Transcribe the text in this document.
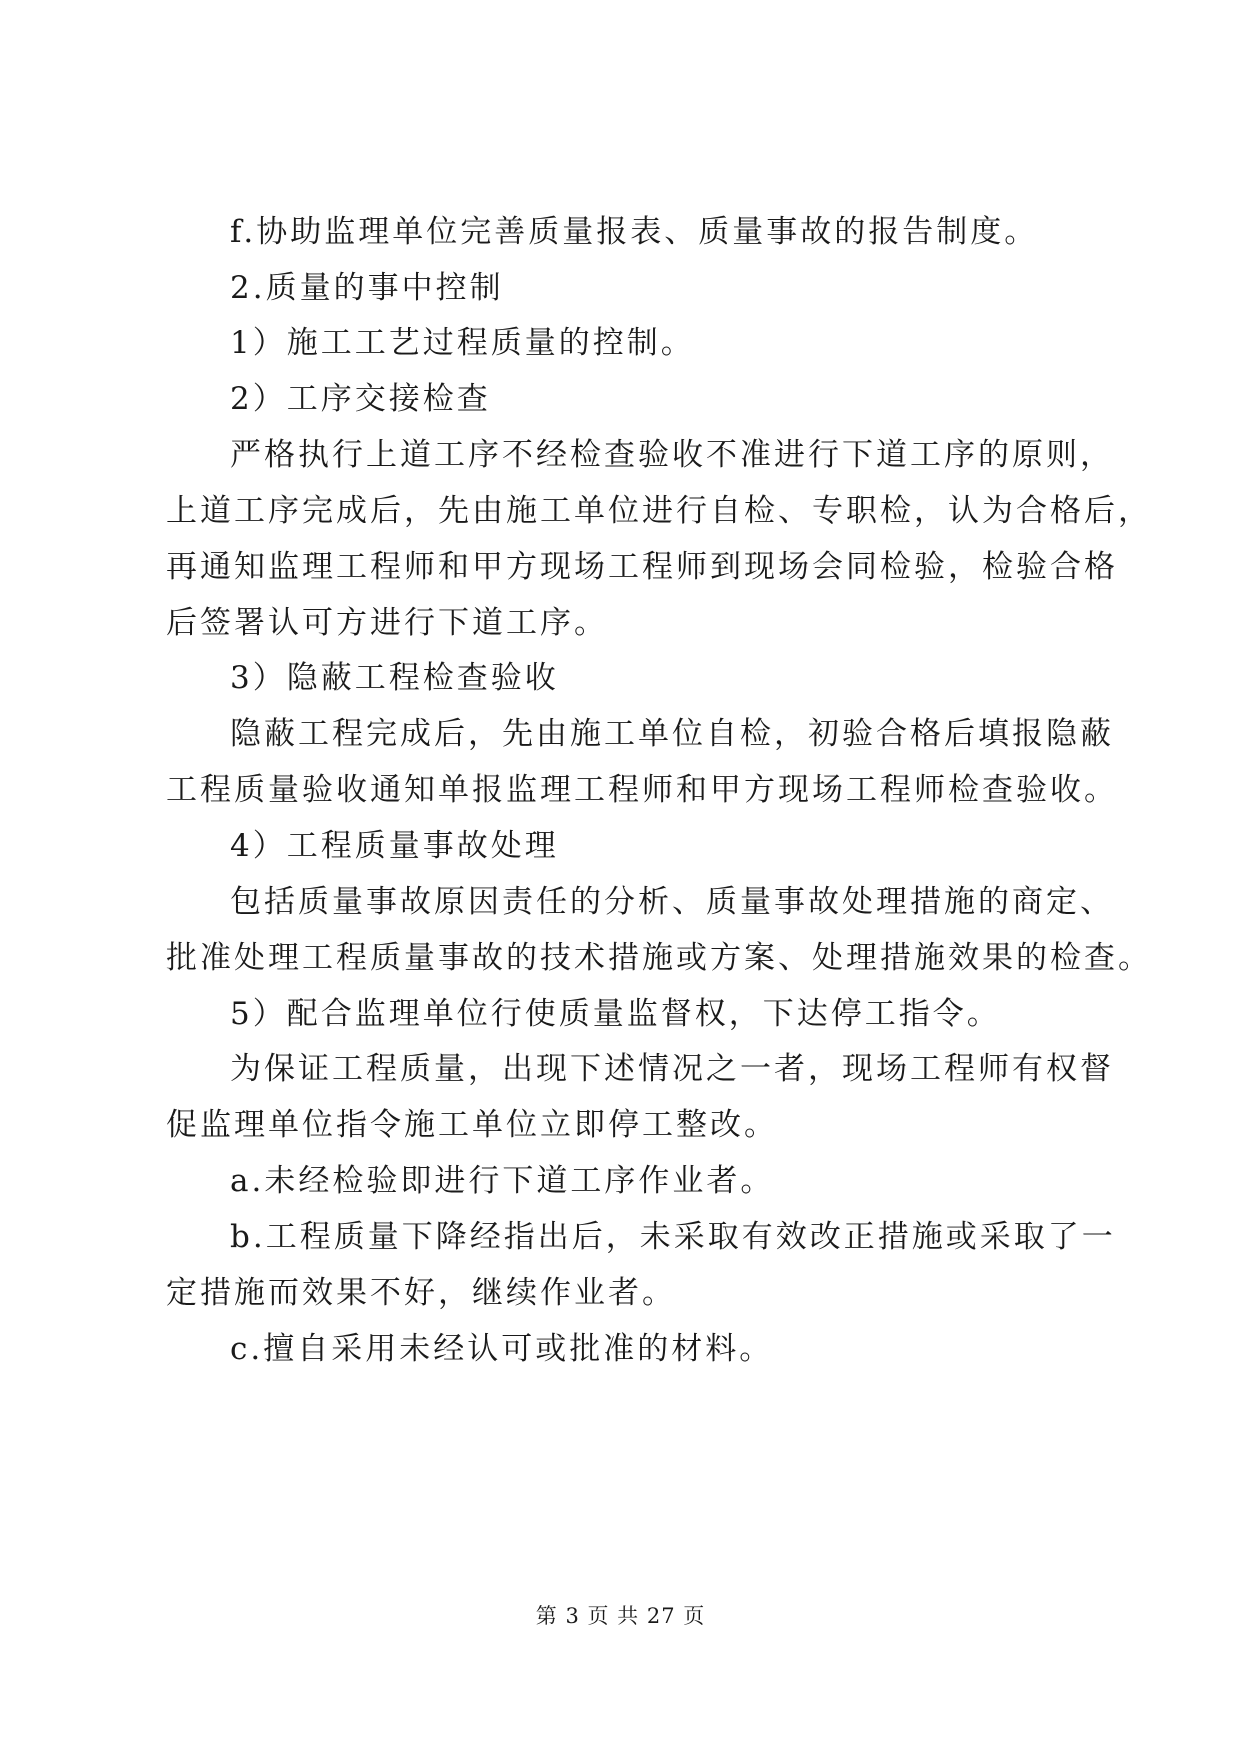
f.协助监理单位完善质量报表、质量事故的报告制度。
2.质量的事中控制
1）施工工艺过程质量的控制。
2）工序交接检查
严格执行上道工序不经检查验收不准进行下道工序的原则，
上道工序完成后，先由施工单位进行自检、专职检，认为合格后，
再通知监理工程师和甲方现场工程师到现场会同检验，检验合格
后签署认可方进行下道工序。
3）隐蔽工程检查验收
隐蔽工程完成后，先由施工单位自检，初验合格后填报隐蔽
工程质量验收通知单报监理工程师和甲方现场工程师检查验收。
4）工程质量事故处理
包括质量事故原因责任的分析、质量事故处理措施的商定、
批准处理工程质量事故的技术措施或方案、处理措施效果的检查。
5）配合监理单位行使质量监督权，下达停工指令。
为保证工程质量，出现下述情况之一者，现场工程师有权督
促监理单位指令施工单位立即停工整改。
a.未经检验即进行下道工序作业者。
b.工程质量下降经指出后，未采取有效改正措施或采取了一
定措施而效果不好，继续作业者。
c.擅自采用未经认可或批准的材料。
第 3 页 共 27 页
